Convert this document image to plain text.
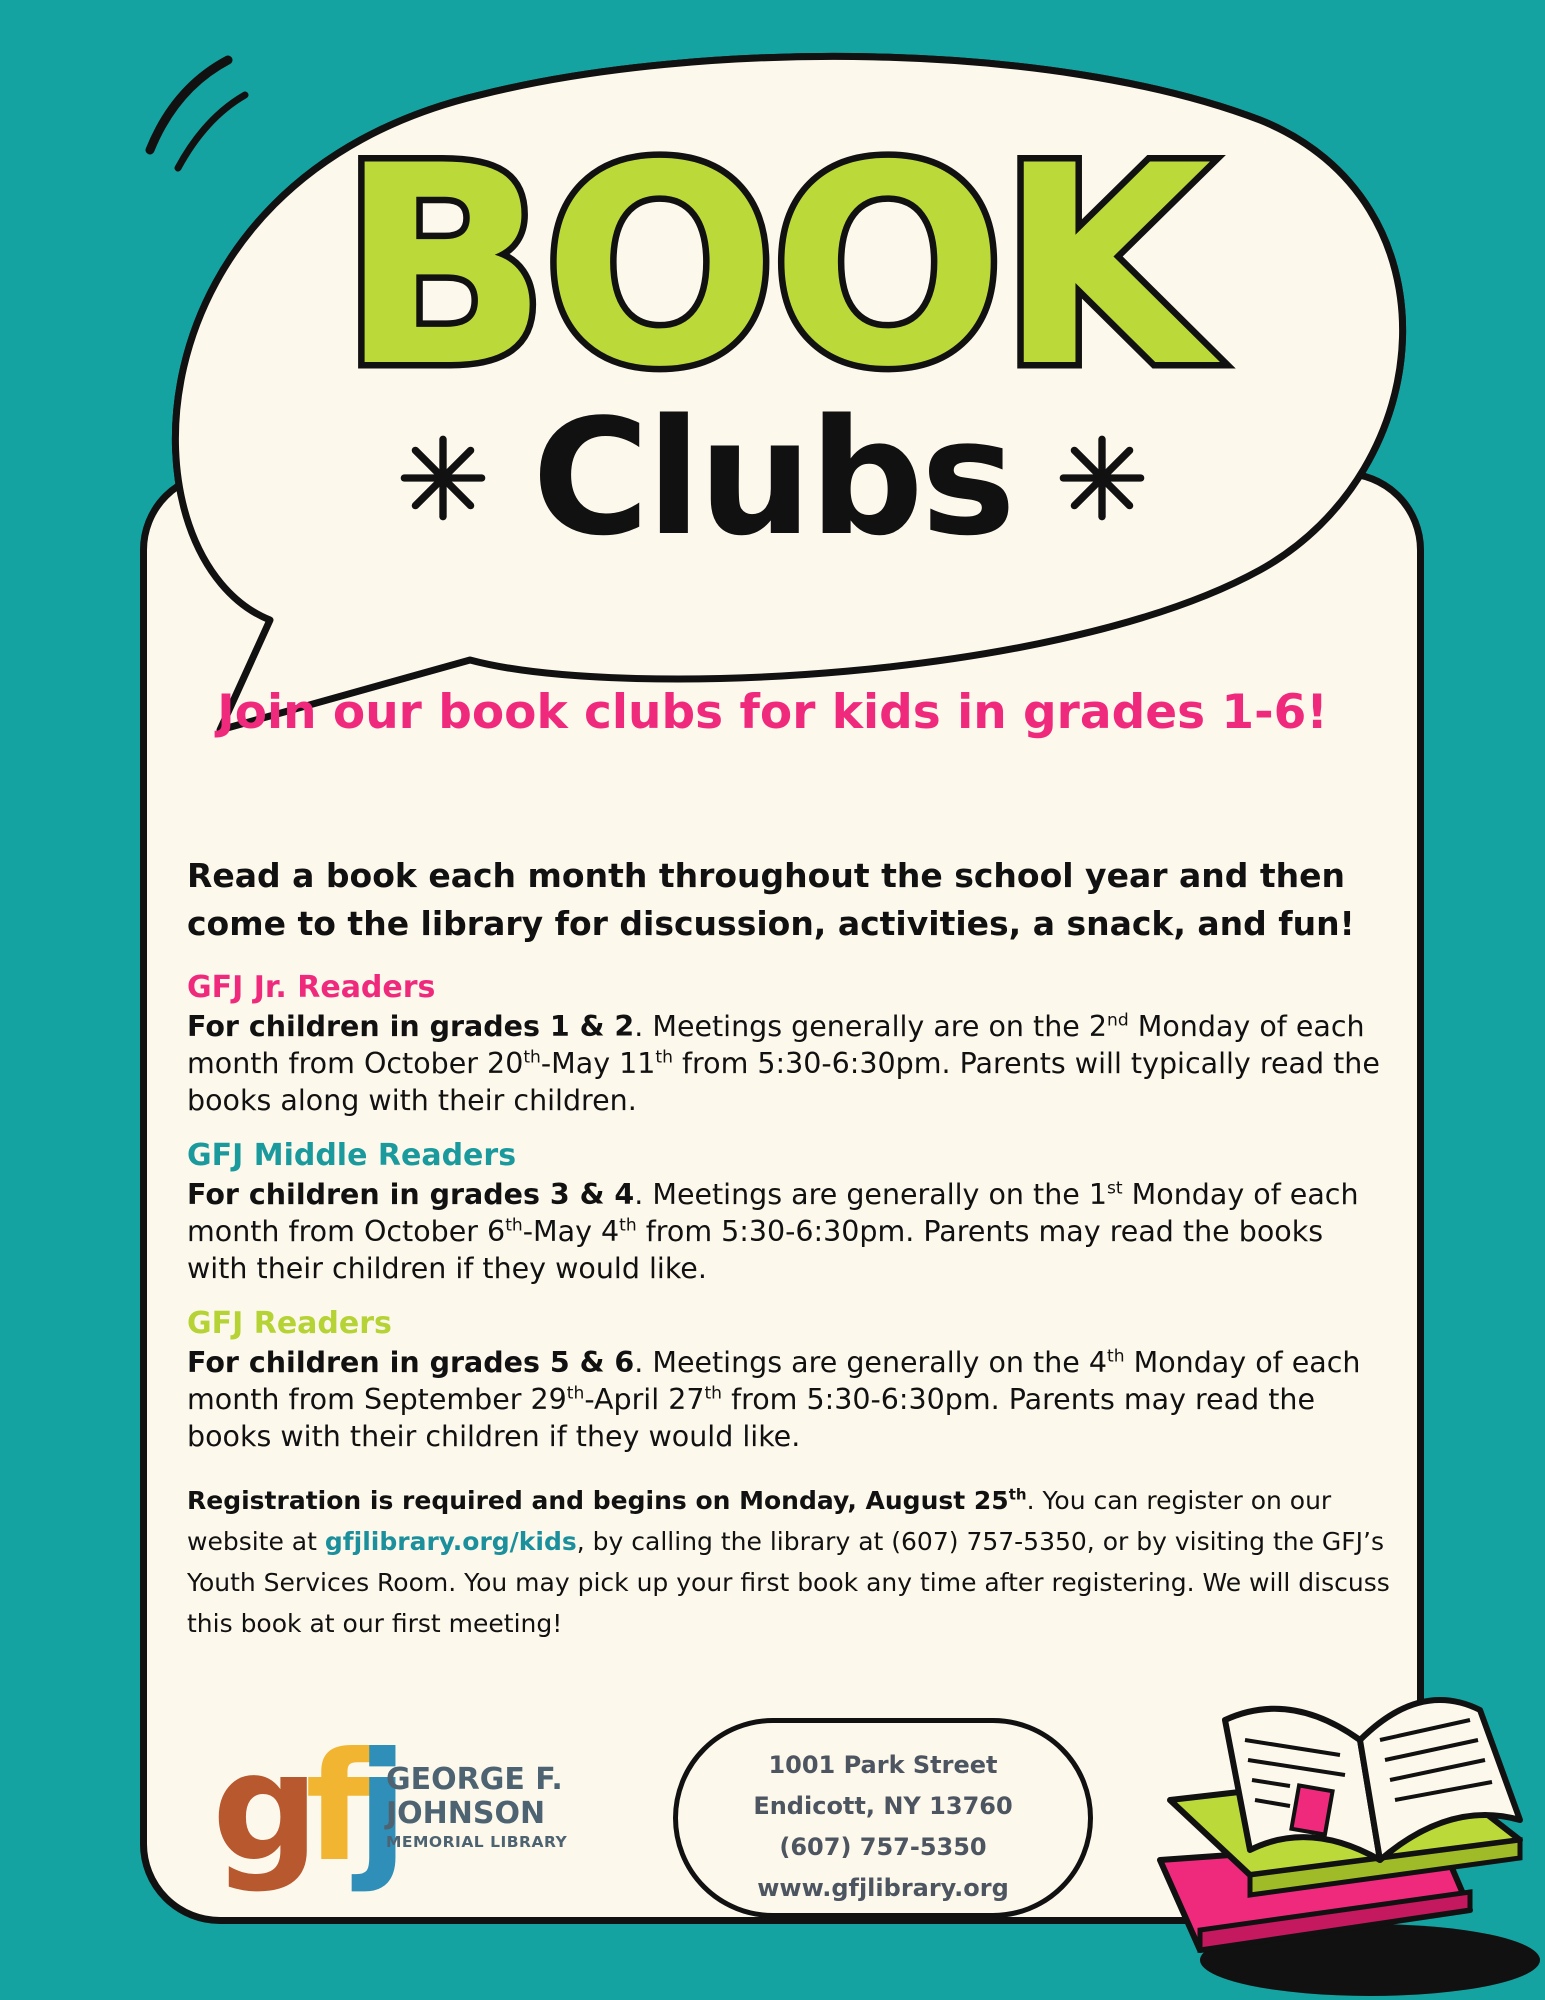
BOOK
Clubs
Join our book clubs for kids in grades 1-6!
Read a book each month throughout the school year and then come to the library for discussion, activities, a snack, and fun!
GFJ Jr. Readers

For children in grades 1 & 2. Meetings generally are on the 2nd Monday of each month from October 20th-May 11th from 5:30-6:30pm. Parents will typically read the books along with their children.

GFJ Middle Readers

For children in grades 3 & 4. Meetings are generally on the 1st Monday of each month from October 6th-May 4th from 5:30-6:30pm. Parents may read the books with their children if they would like.

GFJ Readers

For children in grades 5 & 6. Meetings are generally on the 4th Monday of each month from September 29th-April 27th from 5:30-6:30pm. Parents may read the books with their children if they would like.

Registration is required and begins on Monday, August 25th. You can register on our website at gfjlibrary.org/kids, by calling the library at (607) 757-5350, or by visiting the GFJ’s Youth Services Room. You may pick up your first book any time after registering. We will discuss this book at our first meeting!
gfj
GEORGE F.
JOHNSON
MEMORIAL LIBRARY
1001 Park Street
Endicott, NY 13760
(607) 757-5350
www.gfjlibrary.org
